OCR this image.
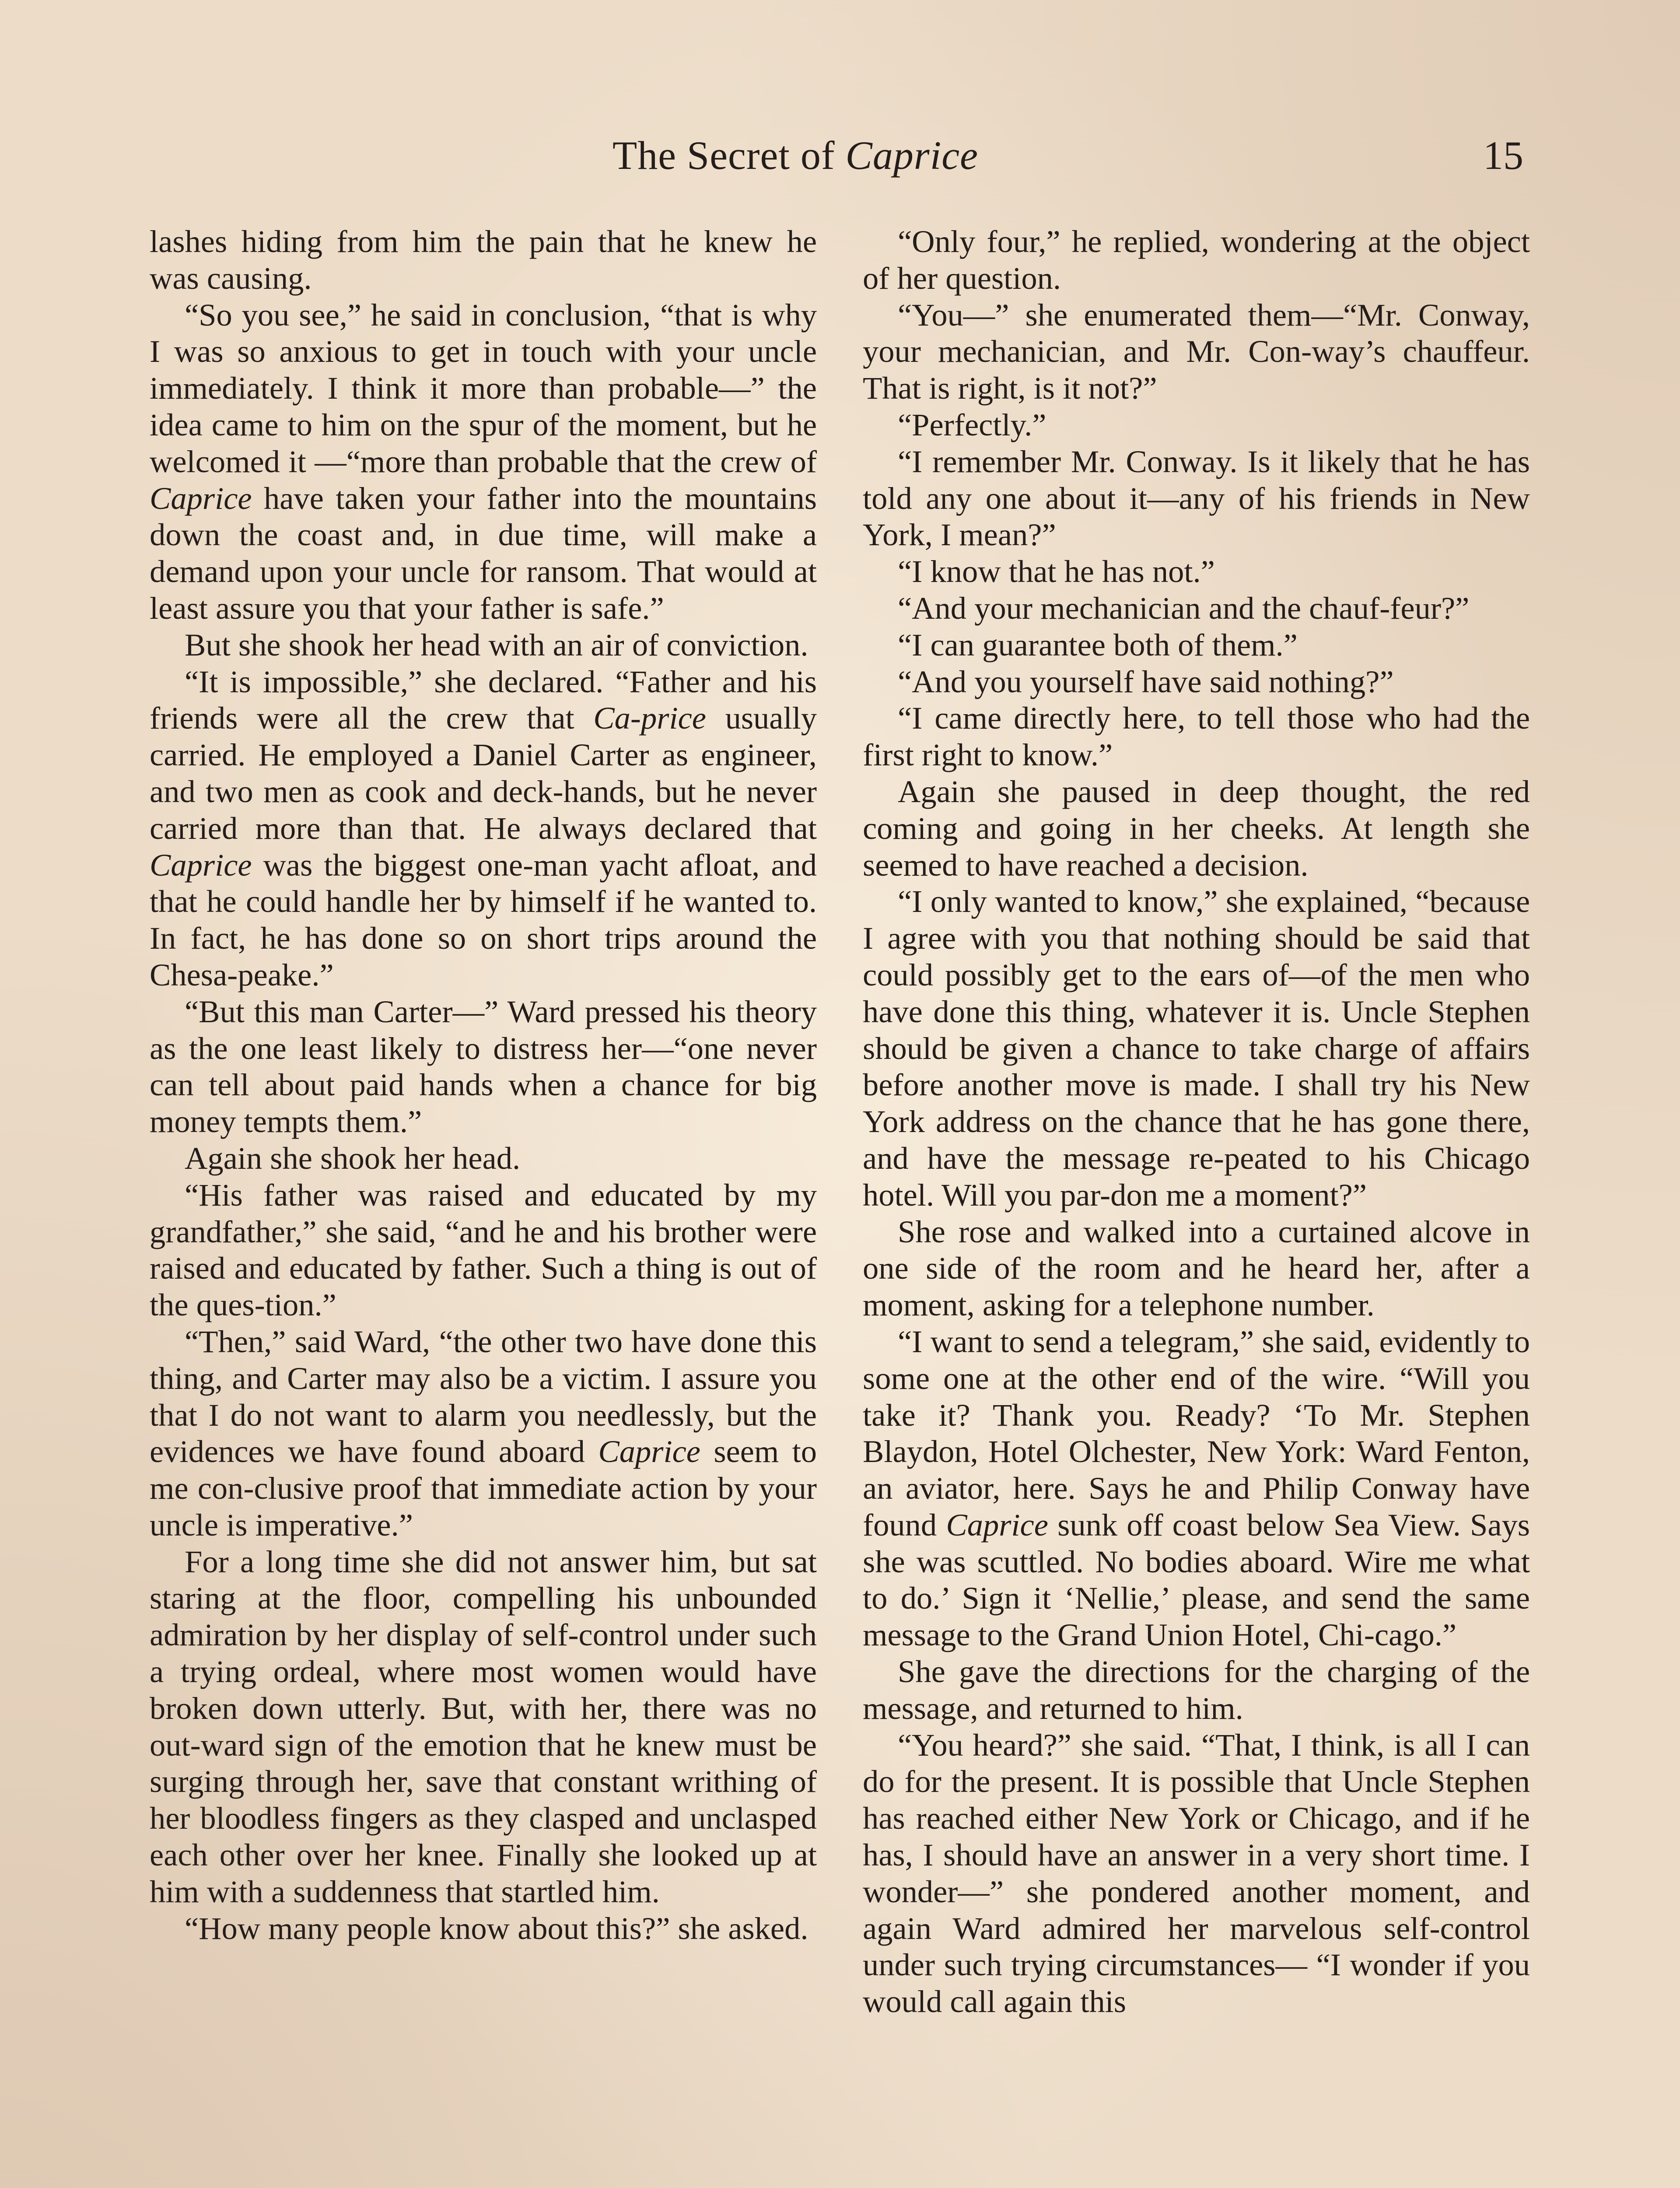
The Secret of Caprice	15

lashes hiding from him the pain that he knew he was causing.

“So you see,” he said in conclusion, “that is why I was so anxious to get in touch with your uncle immediately. I think it more than probable—” the idea came to him on the spur of the moment, but he welcomed it —“more than probable that the crew of Caprice have taken your father into the mountains down the coast and, in due time, will make a demand upon your uncle for ransom. That would at least assure you that your father is safe.”

But she shook her head with an air of conviction.

“It is impossible,” she declared. “Father and his friends were all the crew that Ca-price usually carried. He employed a Daniel Carter as engineer, and two men as cook and deck-hands, but he never carried more than that. He always declared that Caprice was the biggest one-man yacht afloat, and that he could handle her by himself if he wanted to. In fact, he has done so on short trips around the Chesa-peake.”

“But this man Carter—” Ward pressed his theory as the one least likely to distress her—“one never can tell about paid hands when a chance for big money tempts them.”

Again she shook her head.

“His father was raised and educated by my grandfather,” she said, “and he and his brother were raised and educated by father. Such a thing is out of the ques-tion.”

“Then,” said Ward, “the other two have done this thing, and Carter may also be a victim. I assure you that I do not want to alarm you needlessly, but the evidences we have found aboard Caprice seem to me con-clusive proof that immediate action by your uncle is imperative.”

For a long time she did not answer him, but sat staring at the floor, compelling his unbounded admiration by her display of self-control under such a trying ordeal, where most women would have broken down utterly. But, with her, there was no out-ward sign of the emotion that he knew must be surging through her, save that constant writhing of her bloodless fingers as they clasped and unclasped each other over her knee. Finally she looked up at him with a suddenness that startled him.

“How many people know about this?” she asked.

“Only four,” he replied, wondering at the object of her question.

“You—” she enumerated them—“Mr. Conway, your mechanician, and Mr. Con-way’s chauffeur. That is right, is it not?”

“Perfectly.”

“I remember Mr. Conway. Is it likely that he has told any one about it—any of his friends in New York, I mean?”

“I know that he has not.”

“And your mechanician and the chauf-feur?”

“I can guarantee both of them.”

“And you yourself have said nothing?”

“I came directly here, to tell those who had the first right to know.”

Again she paused in deep thought, the red coming and going in her cheeks. At length she seemed to have reached a decision.

“I only wanted to know,” she explained, “because I agree with you that nothing should be said that could possibly get to the ears of—of the men who have done this thing, whatever it is. Uncle Stephen should be given a chance to take charge of affairs before another move is made. I shall try his New York address on the chance that he has gone there, and have the message re-peated to his Chicago hotel. Will you par-don me a moment?”

She rose and walked into a curtained alcove in one side of the room and he heard her, after a moment, asking for a telephone number.

“I want to send a telegram,” she said, evidently to some one at the other end of the wire. “Will you take it? Thank you. Ready? ‘To Mr. Stephen Blaydon, Hotel Olchester, New York: Ward Fenton, an aviator, here. Says he and Philip Conway have found Caprice sunk off coast below Sea View. Says she was scuttled. No bodies aboard. Wire me what to do.’ Sign it ‘Nellie,’ please, and send the same message to the Grand Union Hotel, Chi-cago.”

She gave the directions for the charging of the message, and returned to him.

“You heard?” she said. “That, I think, is all I can do for the present. It is possible that Uncle Stephen has reached either New York or Chicago, and if he has, I should have an answer in a very short time. I wonder—” she pondered another moment, and again Ward admired her marvelous self-control under such trying circumstances— “I wonder if you would call again this
